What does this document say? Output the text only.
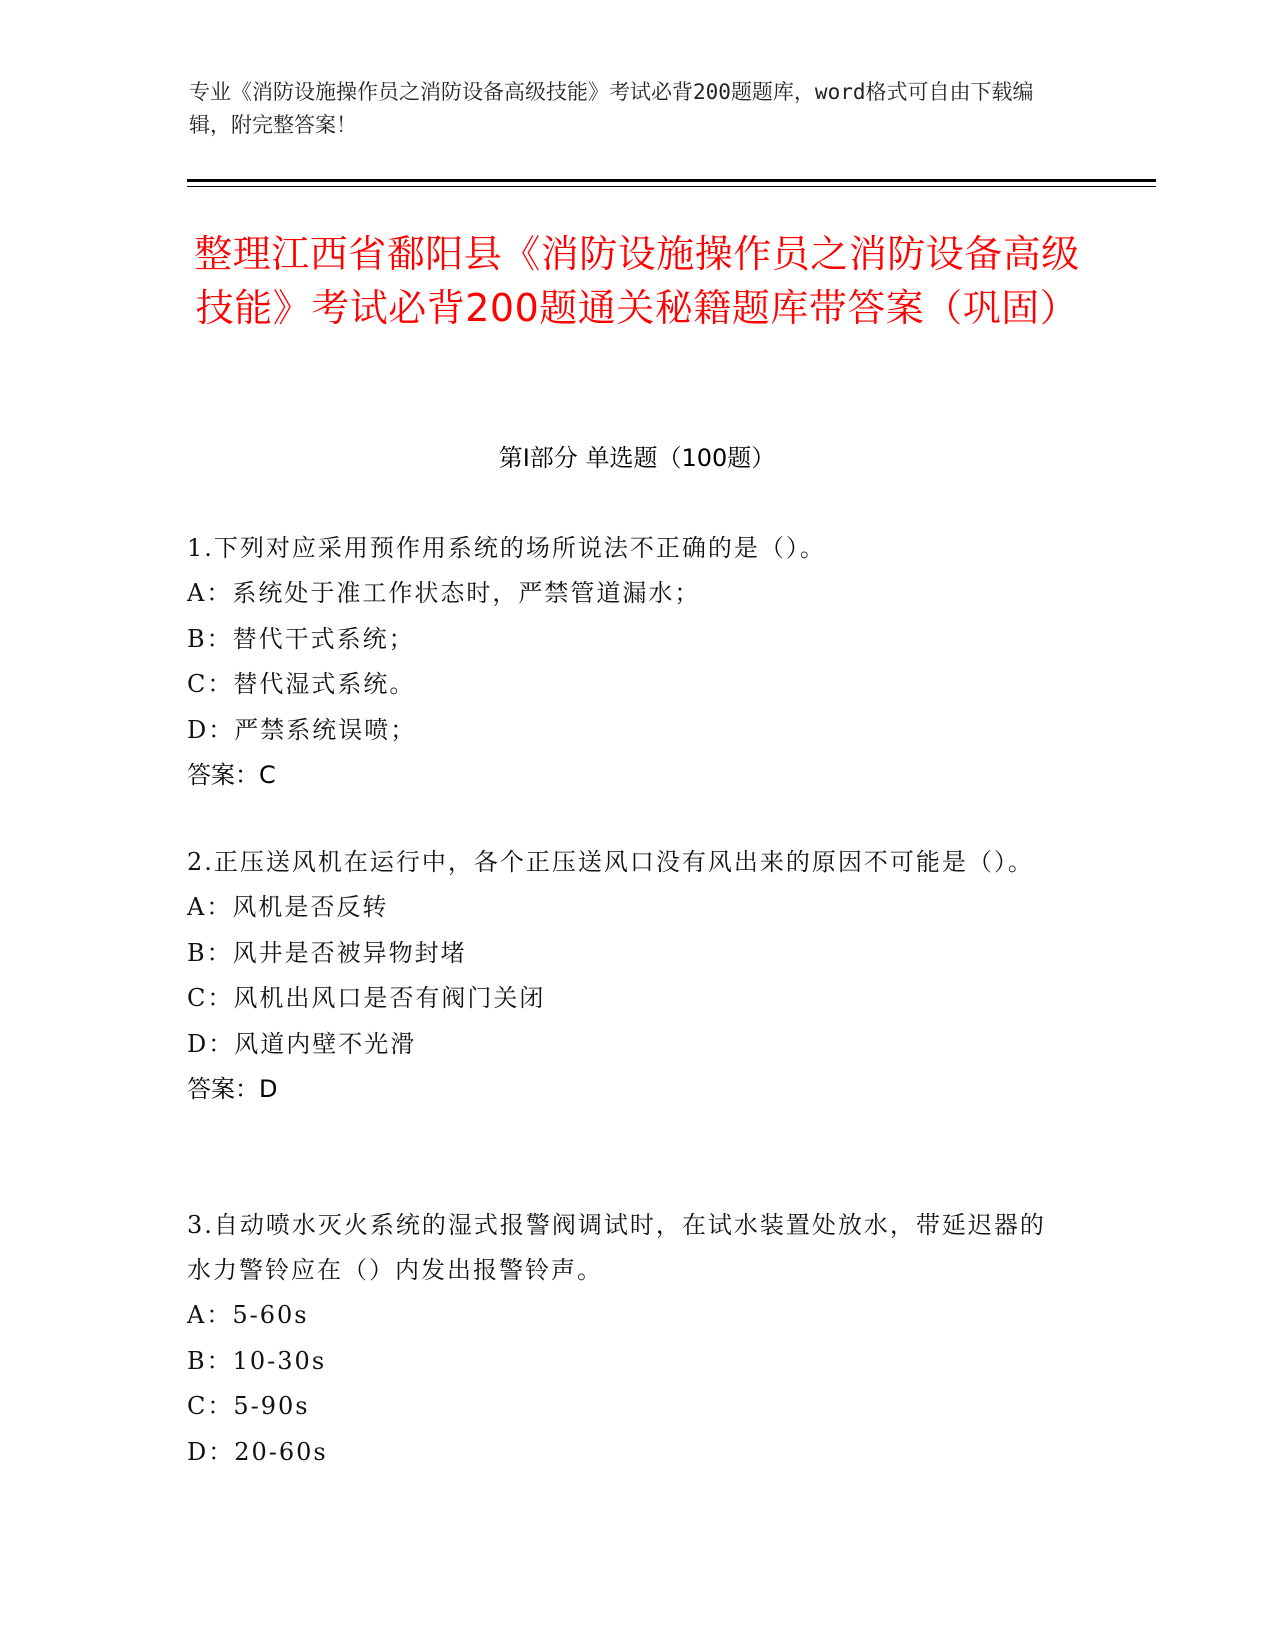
专业《消防设施操作员之消防设备高级技能》考试必背200题题库，word格式可自由下载编辑，附完整答案！
整理江西省鄱阳县《消防设施操作员之消防设备高级技能》考试必背200题通关秘籍题库带答案（巩固）
第Ⅰ部分 单选题（100题）
1.下列对应采用预作用系统的场所说法不正确的是（）。
A：系统处于准工作状态时，严禁管道漏水；
B：替代干式系统；
C：替代湿式系统。
D：严禁系统误喷；
答案：C
2.正压送风机在运行中，各个正压送风口没有风出来的原因不可能是（）。
A：风机是否反转
B：风井是否被异物封堵
C：风机出风口是否有阀门关闭
D：风道内壁不光滑
答案：D
3.自动喷水灭火系统的湿式报警阀调试时，在试水装置处放水，带延迟器的水力警铃应在（）内发出报警铃声。
A：5-60s
B：10-30s
C：5-90s
D：20-60s
